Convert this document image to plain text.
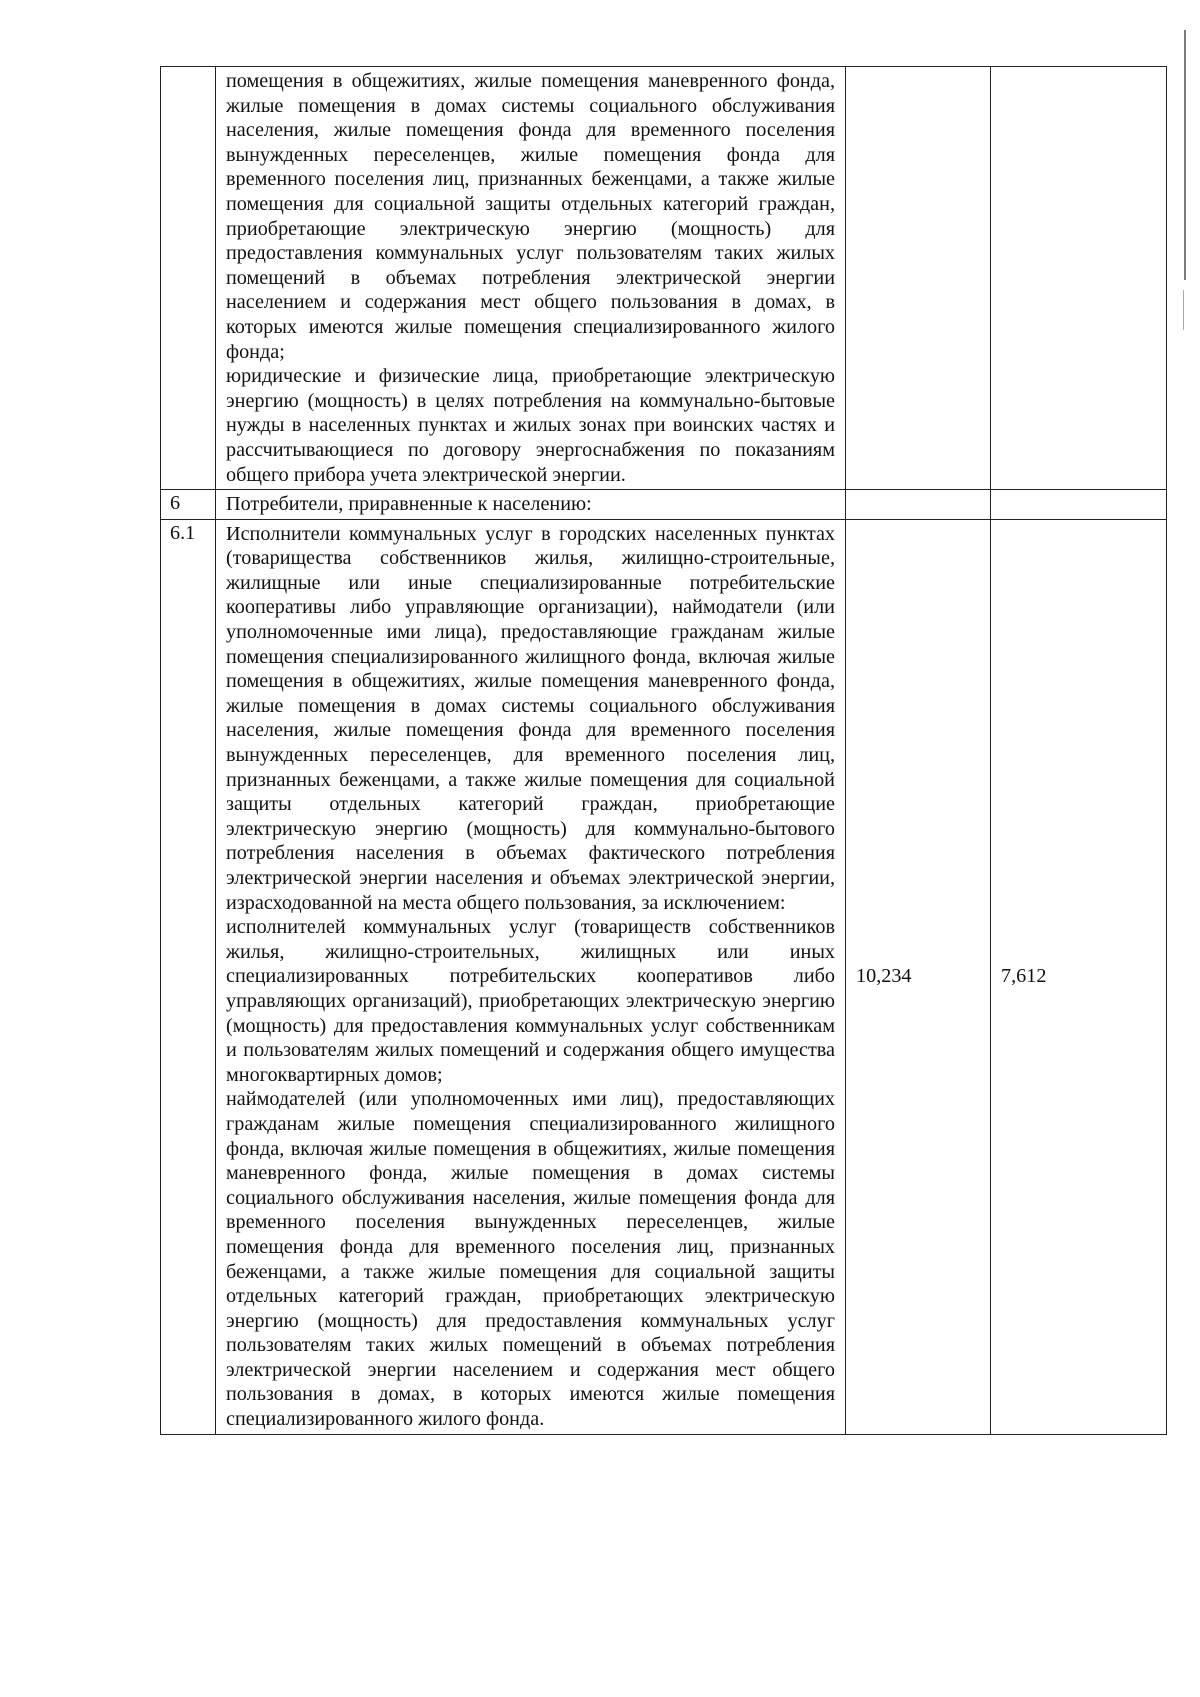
	помещения в общежитиях, жилые помещения маневренного фонда, жилые помещения в домах системы социального обслуживания населения, жилые помещения фонда для временного поселения вынужденных переселенцев, жилые помещения фонда для временного поселения лиц, признанных беженцами, а также жилые помещения для социальной защиты отдельных категорий граждан, приобретающие электрическую энергию (мощность) для предоставления коммунальных услуг пользователям таких жилых помещений в объемах потребления электрической энергии населением и содержания мест общего пользования в домах, в которых имеются жилые помещения специализированного жилого фонда;

юридические и физические лица, приобретающие электрическую энергию (мощность) в целях потребления на коммунально-бытовые нужды в населенных пунктах и жилых зонах при воинских частях и рассчитывающиеся по договору энергоснабжения по показаниям общего прибора учета электрической энергии.		

6	Потребители, приравненные к населению:		

6.1	Исполнители коммунальных услуг в городских населенных пунктах (товарищества собственников жилья, жилищно-строительные, жилищные или иные специализированные потребительские кооперативы либо управляющие организации), наймодатели (или уполномоченные ими лица), предоставляющие гражданам жилые помещения специализированного жилищного фонда, включая жилые помещения в общежитиях, жилые помещения маневренного фонда, жилые помещения в домах системы социального обслуживания населения, жилые помещения фонда для временного поселения вынужденных переселенцев, для временного поселения лиц, признанных беженцами, а также жилые помещения для социальной защиты отдельных категорий граждан, приобретающие электрическую энергию (мощность) для коммунально-бытового потребления населения в объемах фактического потребления электрической энергии населения и объемах электрической энергии, израсходованной на места общего пользования, за исключением:

исполнителей коммунальных услуг (товариществ собственников жилья, жилищно-строительных, жилищных или иных специализированных потребительских кооперативов либо управляющих организаций), приобретающих электрическую энергию (мощность) для предоставления коммунальных услуг собственникам и пользователям жилых помещений и содержания общего имущества многоквартирных домов;

наймодателей (или уполномоченных ими лиц), предоставляющих гражданам жилые помещения специализированного жилищного фонда, включая жилые помещения в общежитиях, жилые помещения маневренного фонда, жилые помещения в домах системы социального обслуживания населения, жилые помещения фонда для временного поселения вынужденных переселенцев, жилые помещения фонда для временного поселения лиц, признанных беженцами, а также жилые помещения для социальной защиты отдельных категорий граждан, приобретающих электрическую энергию (мощность) для предоставления коммунальных услуг пользователям таких жилых помещений в объемах потребления электрической энергии населением и содержания мест общего пользования в домах, в которых имеются жилые помещения специализированного жилого фонда.	10,234	7,612
